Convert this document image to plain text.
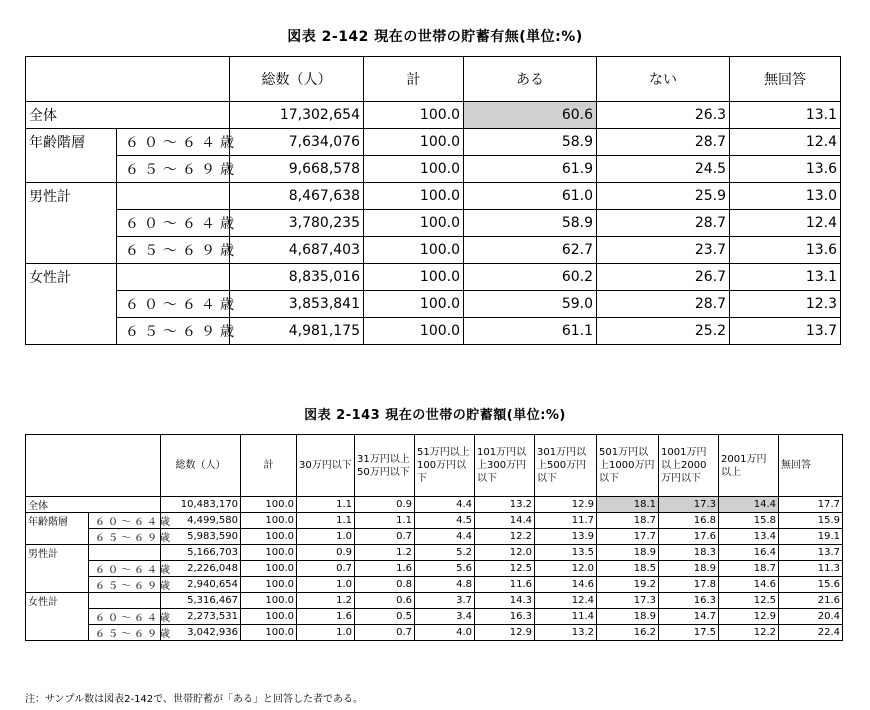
図表 2-142 現在の世帯の貯蓄有無(単位:%)
		総数（人）	計	ある	ない	無回答
全体		17,302,654	100.0	60.6	26.3	13.1
年齢階層	６０～６４歳	7,634,076	100.0	58.9	28.7	12.4
	６５～６９歳	9,668,578	100.0	61.9	24.5	13.6
男性計		8,467,638	100.0	61.0	25.9	13.0
	６０～６４歳	3,780,235	100.0	58.9	28.7	12.4
	６５～６９歳	4,687,403	100.0	62.7	23.7	13.6
女性計		8,835,016	100.0	60.2	26.7	13.1
	６０～６４歳	3,853,841	100.0	59.0	28.7	12.3
	６５～６９歳	4,981,175	100.0	61.1	25.2	13.7
図表 2-143 現在の世帯の貯蓄額(単位:%)
		総数（人）	計	30万円以下	31万円以上50万円以下	51万円以上100万円以下	101万円以上300万円以下	301万円以上500万円以下	501万円以上1000万円以下	1001万円以上2000万円以下	2001万円以上	無回答
全体		10,483,170	100.0	1.1	0.9	4.4	13.2	12.9	18.1	17.3	14.4	17.7
年齢階層	６０～６４歳	4,499,580	100.0	1.1	1.1	4.5	14.4	11.7	18.7	16.8	15.8	15.9
	６５～６９歳	5,983,590	100.0	1.0	0.7	4.4	12.2	13.9	17.7	17.6	13.4	19.1
男性計		5,166,703	100.0	0.9	1.2	5.2	12.0	13.5	18.9	18.3	16.4	13.7
	６０～６４歳	2,226,048	100.0	0.7	1.6	5.6	12.5	12.0	18.5	18.9	18.7	11.3
	６５～６９歳	2,940,654	100.0	1.0	0.8	4.8	11.6	14.6	19.2	17.8	14.6	15.6
女性計		5,316,467	100.0	1.2	0.6	3.7	14.3	12.4	17.3	16.3	12.5	21.6
	６０～６４歳	2,273,531	100.0	1.6	0.5	3.4	16.3	11.4	18.9	14.7	12.9	20.4
	６５～６９歳	3,042,936	100.0	1.0	0.7	4.0	12.9	13.2	16.2	17.5	12.2	22.4
注：サンプル数は図表2-142で、世帯貯蓄が「ある」と回答した者である。
